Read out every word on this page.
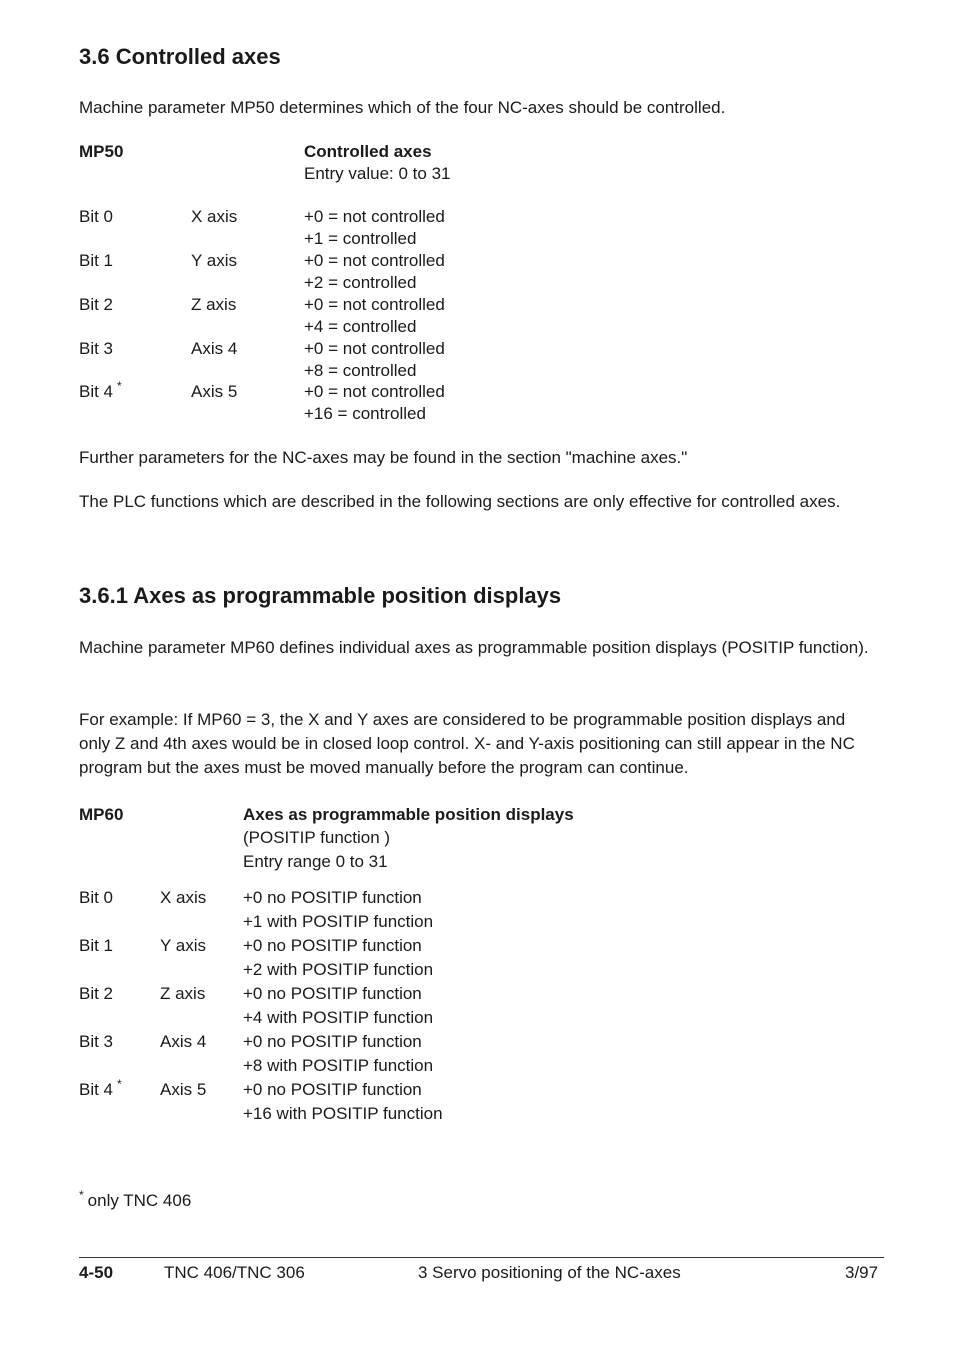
3.6 Controlled axes
Machine parameter MP50 determines which of the four NC-axes should be controlled.
MP50	Controlled axes
Entry value: 0 to 31
Bit 0	X axis	+0 = not controlled
+1 = controlled
Bit 1	Y axis	+0 = not controlled
+2 = controlled
Bit 2	Z axis	+0 = not controlled
+4 = controlled
Bit 3	Axis 4	+0 = not controlled
+8 = controlled
Bit 4 *	Axis 5	+0 = not controlled
+16 = controlled
Further parameters for the NC-axes may be found in the section "machine axes."
The PLC functions which are described in the following sections are only effective for controlled axes.
3.6.1 Axes as programmable position displays
Machine parameter MP60 defines individual axes as programmable position displays (POSITIP function).
For example: If MP60 = 3, the X and Y axes are considered to be programmable position displays and only Z and 4th axes would be in closed loop control. X- and Y-axis positioning can still appear in the NC program but the axes must be moved manually before the program can continue.
MP60	Axes as programmable position displays
(POSITIP function )
Entry range 0 to 31
Bit 0	X axis +0 no POSITIP function
+1 with POSITIP function
Bit 1	Y axis +0 no POSITIP function
+2 with POSITIP function
Bit 2	Z axis +0 no POSITIP function
+4 with POSITIP function
Bit 3	Axis 4 +0 no POSITIP function
+8 with POSITIP function
Bit 4 * Axis 5 +0 no POSITIP function
+16 with POSITIP function
* only TNC 406
4-50	TNC 406/TNC 306	3 Servo positioning of the NC-axes	3/97
